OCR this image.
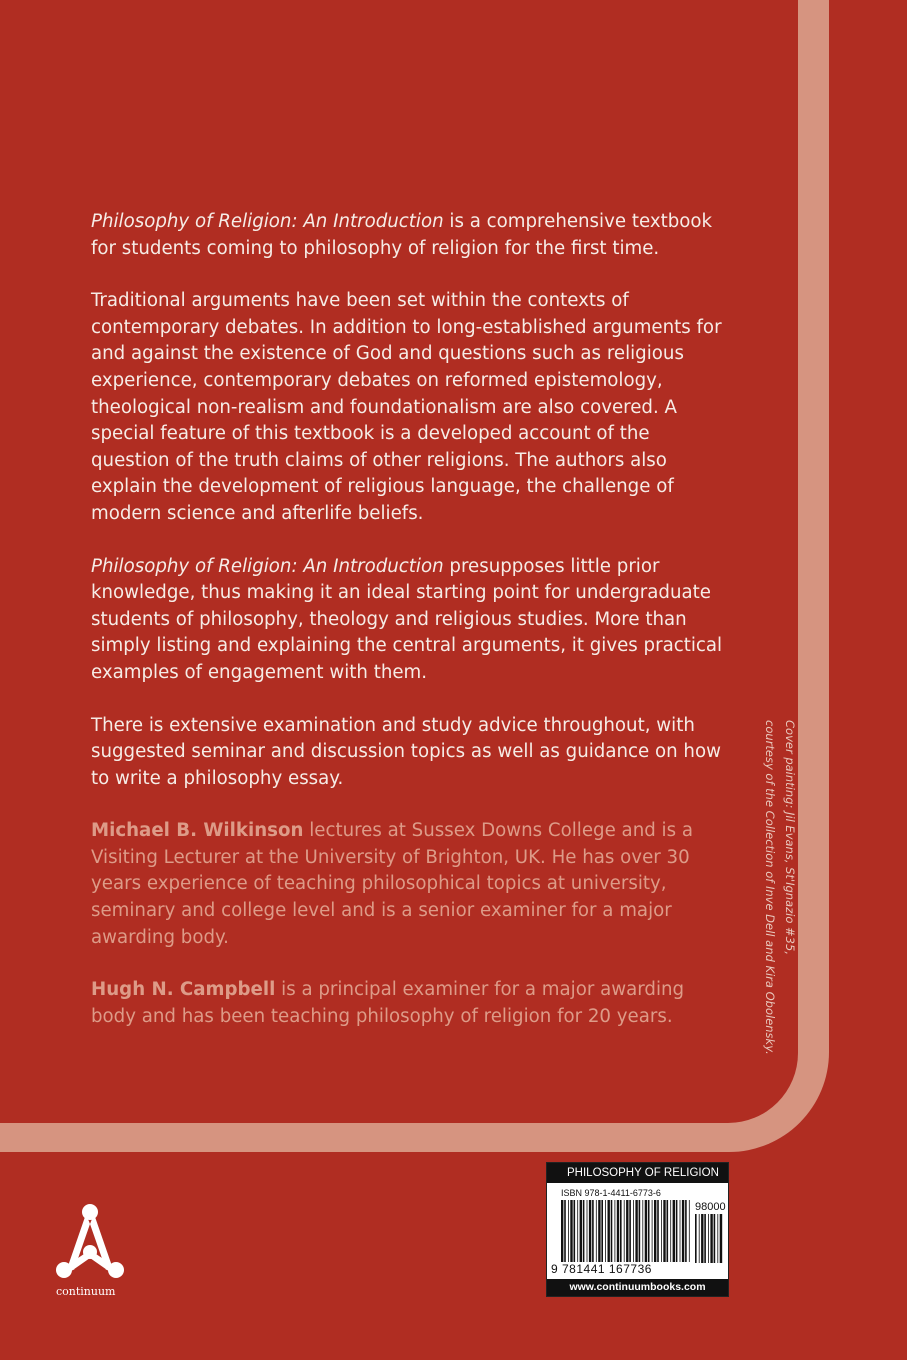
Philosophy of Religion: An Introduction is a comprehensive textbook for students coming to philosophy of religion for the first time.

Traditional arguments have been set within the contexts of contemporary debates. In addition to long-established arguments for and against the existence of God and questions such as religious experience, contemporary debates on reformed epistemology, theological non-realism and foundationalism are also covered. A special feature of this textbook is a developed account of the question of the truth claims of other religions. The authors also explain the development of religious language, the challenge of modern science and afterlife beliefs.

Philosophy of Religion: An Introduction presupposes little prior knowledge, thus making it an ideal starting point for undergraduate students of philosophy, theology and religious studies. More than simply listing and explaining the central arguments, it gives practical examples of engagement with them.

There is extensive examination and study advice throughout, with suggested seminar and discussion topics as well as guidance on how to write a philosophy essay.

Michael B. Wilkinson lectures at Sussex Downs College and is a Visiting Lecturer at the University of Brighton, UK. He has over 30 years experience of teaching philosophical topics at university, seminary and college level and is a senior examiner for a major awarding body.

Hugh N. Campbell is a principal examiner for a major awarding body and has been teaching philosophy of religion for 20 years.

Cover painting: Jil Evans, St'Ignazio #35,
courtesy of the Collection of Inve Dell and Kira Obolensky.
continuum
PHILOSOPHY OF RELIGION
ISBN 978-1-4411-6773-6
98000
9 781441 167736
www.continuumbooks.com
